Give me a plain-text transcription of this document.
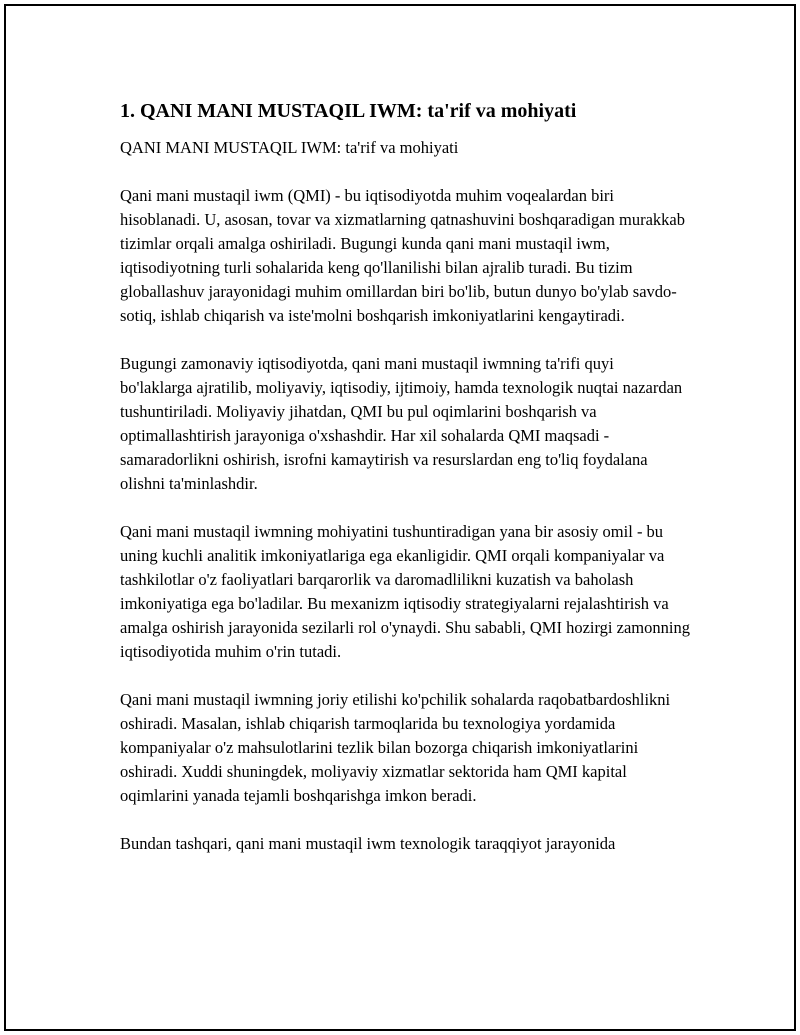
1. QANI MANI MUSTAQIL IWM: ta'rif va mohiyati

QANI MANI MUSTAQIL IWM: ta'rif va mohiyati

Qani mani mustaqil iwm (QMI) - bu iqtisodiyotda muhim voqealardan biri hisoblanadi. U, asosan, tovar va xizmatlarning qatnashuvini boshqaradigan murakkab tizimlar orqali amalga oshiriladi. Bugungi kunda qani mani mustaqil iwm, iqtisodiyotning turli sohalarida keng qo'llanilishi bilan ajralib turadi. Bu tizim globallashuv jarayonidagi muhim omillardan biri bo'lib, butun dunyo bo'ylab savdo-sotiq, ishlab chiqarish va iste'molni boshqarish imkoniyatlarini kengaytiradi.

Bugungi zamonaviy iqtisodiyotda, qani mani mustaqil iwmning ta'rifi quyi bo'laklarga ajratilib, moliyaviy, iqtisodiy, ijtimoiy, hamda texnologik nuqtai nazardan tushuntiriladi. Moliyaviy jihatdan, QMI bu pul oqimlarini boshqarish va optimallashtirish jarayoniga o'xshashdir. Har xil sohalarda QMI maqsadi - samaradorlikni oshirish, isrofni kamaytirish va resurslardan eng to'liq foydalana olishni ta'minlashdir.

Qani mani mustaqil iwmning mohiyatini tushuntiradigan yana bir asosiy omil - bu uning kuchli analitik imkoniyatlariga ega ekanligidir. QMI orqali kompaniyalar va tashkilotlar o'z faoliyatlari barqarorlik va daromadlilikni kuzatish va baholash imkoniyatiga ega bo'ladilar. Bu mexanizm iqtisodiy strategiyalarni rejalashtirish va amalga oshirish jarayonida sezilarli rol o'ynaydi. Shu sababli, QMI hozirgi zamonning iqtisodiyotida muhim o'rin tutadi.

Qani mani mustaqil iwmning joriy etilishi ko'pchilik sohalarda raqobatbardoshlikni oshiradi. Masalan, ishlab chiqarish tarmoqlarida bu texnologiya yordamida kompaniyalar o'z mahsulotlarini tezlik bilan bozorga chiqarish imkoniyatlarini oshiradi. Xuddi shuningdek, moliyaviy xizmatlar sektorida ham QMI kapital oqimlarini yanada tejamli boshqarishga imkon beradi.

Bundan tashqari, qani mani mustaqil iwm texnologik taraqqiyot jarayonida
